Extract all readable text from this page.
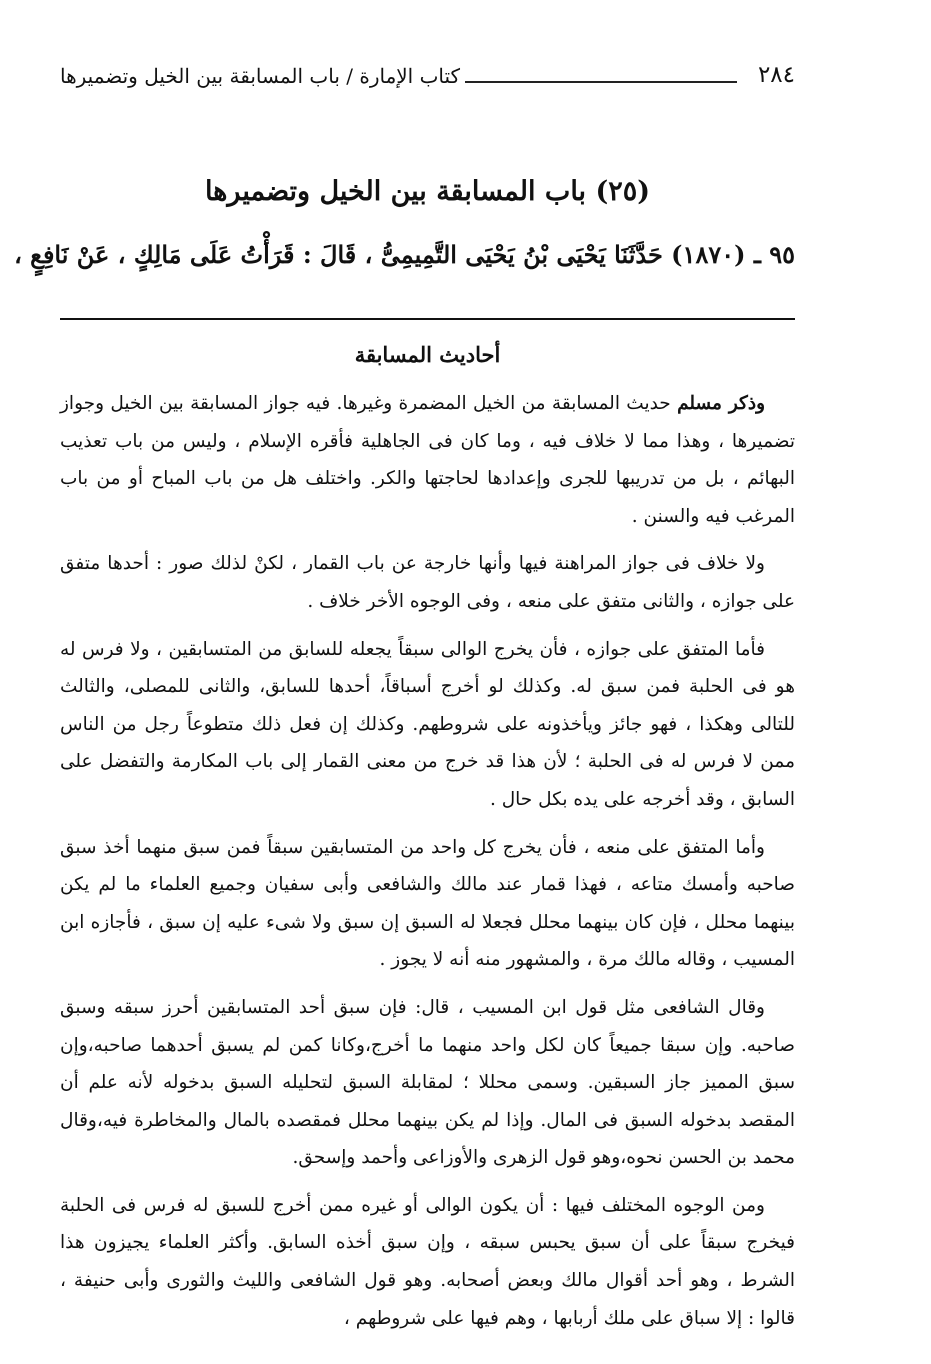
٢٨٤
كتاب الإمارة / باب المسابقة بين الخيل وتضميرها
(٢٥) باب المسابقة بين الخيل وتضميرها
٩٥ ـ (١٨٧٠) حَدَّثَنَا يَحْيَى بْنُ يَحْيَى التَّمِيمِىُّ ، قَالَ : قَرَأْتُ عَلَى مَالِكٍ ، عَنْ نَافِعٍ ،
أحاديث المسابقة

وذكر مسلم حديث المسابقة من الخيل المضمرة وغيرها. فيه جواز المسابقة بين الخيل وجواز تضميرها ، وهذا مما لا خلاف فيه ، وما كان فى الجاهلية فأقره الإسلام ، وليس من باب تعذيب البهائم ، بل من تدريبها للجرى وإعدادها لحاجتها والكر. واختلف هل من باب المباح أو من باب المرغب فيه والسنن .

ولا خلاف فى جواز المراهنة فيها وأنها خارجة عن باب القمار ، لكنْ لذلك صور : أحدها متفق على جوازه ، والثانى متفق على منعه ، وفى الوجوه الأخر خلاف .

فأما المتفق على جوازه ، فأن يخرج الوالى سبقاً يجعله للسابق من المتسابقين ، ولا فرس له هو فى الحلبة فمن سبق له. وكذلك لو أخرج أسباقاً، أحدها للسابق، والثانى للمصلى، والثالث للتالى وهكذا ، فهو جائز ويأخذونه على شروطهم. وكذلك إن فعل ذلك متطوعاً رجل من الناس ممن لا فرس له فى الحلبة ؛ لأن هذا قد خرج من معنى القمار إلى باب المكارمة والتفضل على السابق ، وقد أخرجه على يده بكل حال .

وأما المتفق على منعه ، فأن يخرج كل واحد من المتسابقين سبقاً فمن سبق منهما أخذ سبق صاحبه وأمسك متاعه ، فهذا قمار عند مالك والشافعى وأبى سفيان وجميع العلماء ما لم يكن بينهما محلل ، فإن كان بينهما محلل فجعلا له السبق إن سبق ولا شىء عليه إن سبق ، فأجازه ابن المسيب ، وقاله مالك مرة ، والمشهور منه أنه لا يجوز .

وقال الشافعى مثل قول ابن المسيب ، قال: فإن سبق أحد المتسابقين أحرز سبقه وسبق صاحبه. وإن سبقا جميعاً كان لكل واحد منهما ما أخرج،وكانا كمن لم يسبق أحدهما صاحبه،وإن سبق المميز جاز السبقين. وسمى محللا ؛ لمقابلة السبق لتحليله السبق بدخوله لأنه علم أن المقصد بدخوله السبق فى المال. وإذا لم يكن بينهما محلل فمقصده بالمال والمخاطرة فيه،وقال محمد بن الحسن نحوه،وهو قول الزهرى والأوزاعى وأحمد وإسحق.

ومن الوجوه المختلف فيها : أن يكون الوالى أو غيره ممن أخرج للسبق له فرس فى الحلبة فيخرج سبقاً على أن سبق يحبس سبقه ، وإن سبق أخذه السابق. وأكثر العلماء يجيزون هذا الشرط ، وهو أحد أقوال مالك وبعض أصحابه. وهو قول الشافعى والليث والثورى وأبى حنيفة ، قالوا : إلا سباق على ملك أربابها ، وهم فيها على شروطهم ،
